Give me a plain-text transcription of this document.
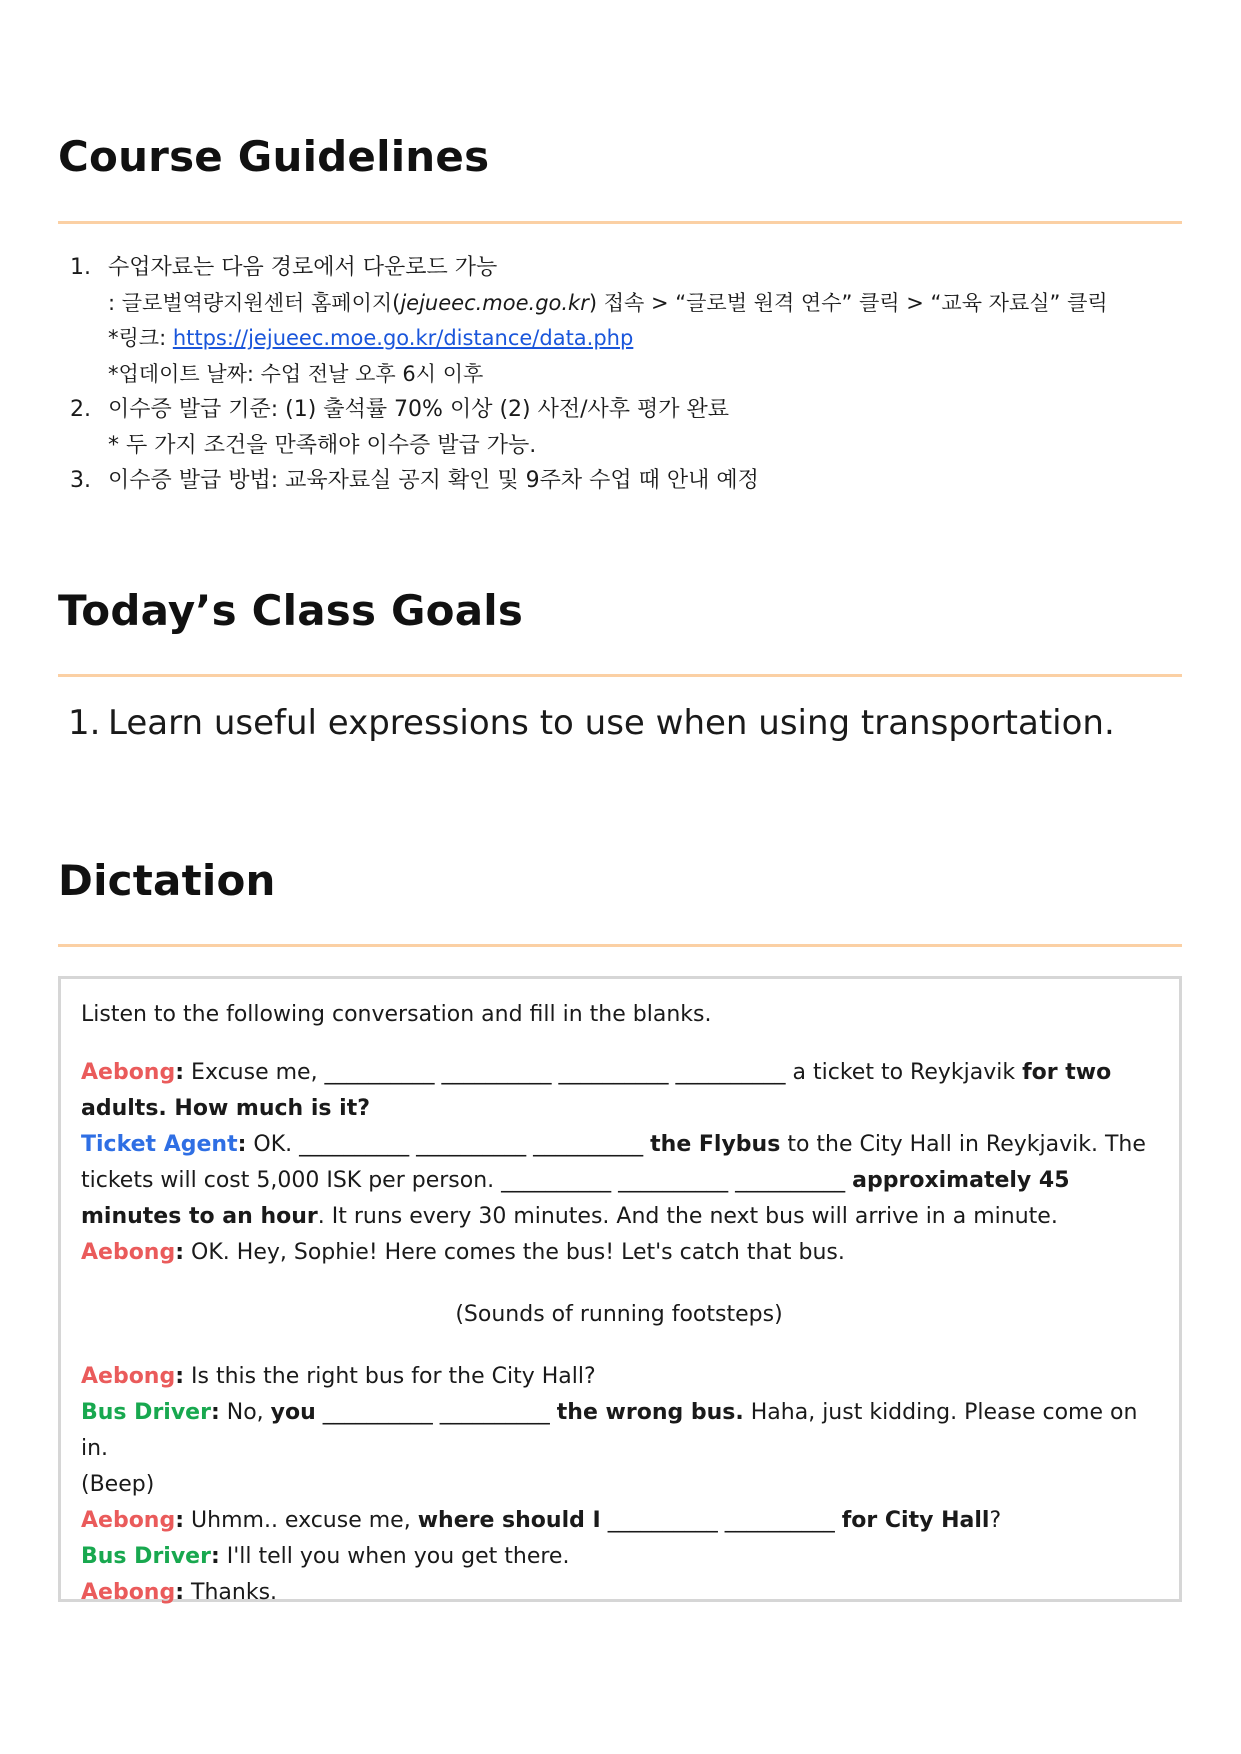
Course Guidelines
1. 수업자료는 다음 경로에서 다운로드 가능
: 글로벌역량지원센터 홈페이지(jejueec.moe.go.kr) 접속 > “글로벌 원격 연수” 클릭 > “교육 자료실” 클릭
*링크: https://jejueec.moe.go.kr/distance/data.php
*업데이트 날짜: 수업 전날 오후 6시 이후
2. 이수증 발급 기준: (1) 출석률 70% 이상 (2) 사전/사후 평가 완료
* 두 가지 조건을 만족해야 이수증 발급 가능.
3. 이수증 발급 방법: 교육자료실 공지 확인 및 9주차 수업 때 안내 예정
Today’s Class Goals
1. Learn useful expressions to use when using transportation.
Dictation

Listen to the following conversation and fill in the blanks.

Aebong: Excuse me, __________ __________ __________ __________ a ticket to Reykjavik for two adults. How much is it?

Ticket Agent: OK. __________ __________ __________ the Flybus to the City Hall in Reykjavik. The tickets will cost 5,000 ISK per person. __________ __________ __________ approximately 45 minutes to an hour. It runs every 30 minutes. And the next bus will arrive in a minute.

Aebong: OK. Hey, Sophie! Here comes the bus! Let's catch that bus.

(Sounds of running footsteps)

Aebong: Is this the right bus for the City Hall?

Bus Driver: No, you __________ __________ the wrong bus. Haha, just kidding. Please come on in.

(Beep)

Aebong: Uhmm.. excuse me, where should I __________ __________ for City Hall?

Bus Driver: I'll tell you when you get there.

Aebong: Thanks.
